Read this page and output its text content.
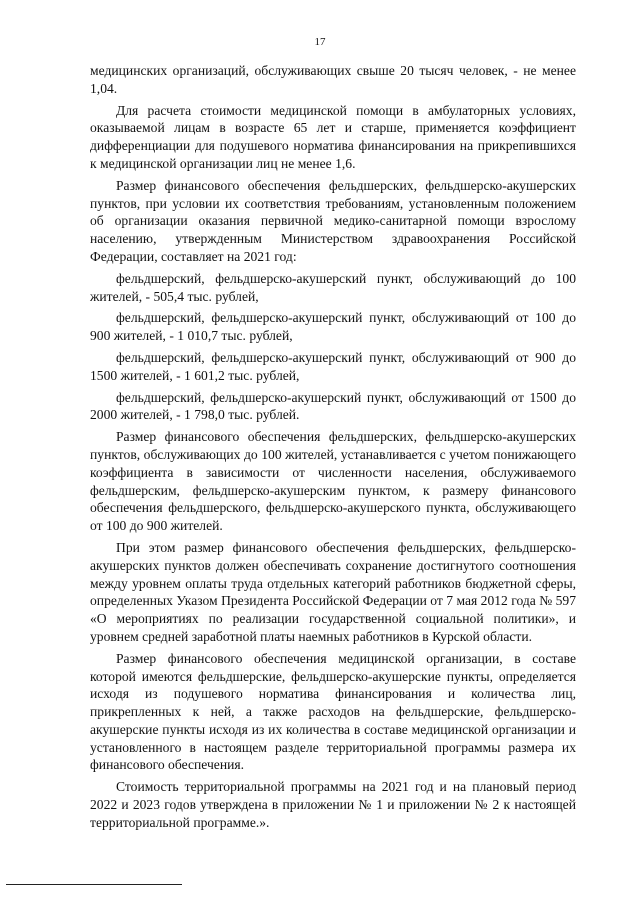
17

медицинских организаций, обслуживающих свыше 20 тысяч человек, - не менее 1,04.

Для расчета стоимости медицинской помощи в амбулаторных условиях, оказываемой лицам в возрасте 65 лет и старше, применяется коэффициент дифференциации для подушевого норматива финансирования на прикрепившихся к медицинской организации лиц не менее 1,6.

Размер финансового обеспечения фельдшерских, фельдшерско-акушерских пунктов, при условии их соответствия требованиям, установленным положением об организации оказания первичной медико-санитарной помощи взрослому населению, утвержденным Министерством здравоохранения Российской Федерации, составляет на 2021 год:

фельдшерский, фельдшерско-акушерский пункт, обслуживающий до 100 жителей, - 505,4 тыс. рублей,

фельдшерский, фельдшерско-акушерский пункт, обслуживающий от 100 до 900 жителей, - 1 010,7 тыс. рублей,

фельдшерский, фельдшерско-акушерский пункт, обслуживающий от 900 до 1500 жителей, - 1 601,2 тыс. рублей,

фельдшерский, фельдшерско-акушерский пункт, обслуживающий от 1500 до 2000 жителей, - 1 798,0 тыс. рублей.

Размер финансового обеспечения фельдшерских, фельдшерско-акушерских пунктов, обслуживающих до 100 жителей, устанавливается с учетом понижающего коэффициента в зависимости от численности населения, обслуживаемого фельдшерским, фельдшерско-акушерским пунктом, к размеру финансового обеспечения фельдшерского, фельдшерско-акушерского пункта, обслуживающего от 100 до 900 жителей.

При этом размер финансового обеспечения фельдшерских, фельдшерско-акушерских пунктов должен обеспечивать сохранение достигнутого соотношения между уровнем оплаты труда отдельных категорий работников бюджетной сферы, определенных Указом Президента Российской Федерации от 7 мая 2012 года № 597 «О мероприятиях по реализации государственной социальной политики», и уровнем средней заработной платы наемных работников в Курской области.

Размер финансового обеспечения медицинской организации, в составе которой имеются фельдшерские, фельдшерско-акушерские пункты, определяется исходя из подушевого норматива финансирования и количества лиц, прикрепленных к ней, а также расходов на фельдшерские, фельдшерско-акушерские пункты исходя из их количества в составе медицинской организации и установленного в настоящем разделе территориальной программы размера их финансового обеспечения.

Стоимость территориальной программы на 2021 год и на плановый период 2022 и 2023 годов утверждена в приложении № 1 и приложении № 2 к настоящей территориальной программе.».
